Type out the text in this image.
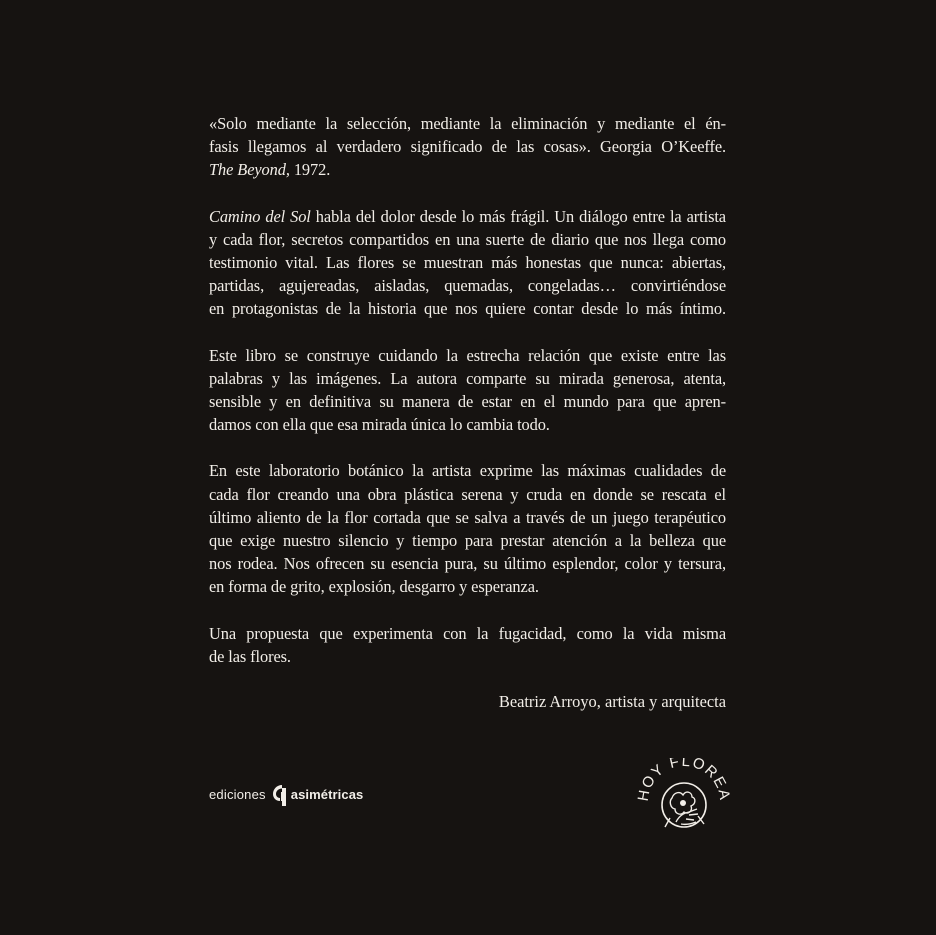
«Solo mediante la selección, mediante la eliminación y mediante el én-
fasis llegamos al verdadero significado de las cosas». Georgia O’Keeffe.
The Beyond, 1972.

Camino del Sol habla del dolor desde lo más frágil. Un diálogo entre la artista
y cada flor, secretos compartidos en una suerte de diario que nos llega como
testimonio vital. Las flores se muestran más honestas que nunca: abiertas,
partidas, agujereadas, aisladas, quemadas, congeladas… convirtiéndose
en protagonistas de la historia que nos quiere contar desde lo más íntimo.

Este libro se construye cuidando la estrecha relación que existe entre las
palabras y las imágenes. La autora comparte su mirada generosa, atenta,
sensible y en definitiva su manera de estar en el mundo para que apren-
damos con ella que esa mirada única lo cambia todo.

En este laboratorio botánico la artista exprime las máximas cualidades de
cada flor creando una obra plástica serena y cruda en donde se rescata el
último aliento de la flor cortada que se salva a través de un juego terapéutico
que exige nuestro silencio y tiempo para prestar atención a la belleza que
nos rodea. Nos ofrecen su esencia pura, su último esplendor, color y tersura,
en forma de grito, explosión, desgarro y esperanza.

Una propuesta que experimenta con la fugacidad, como la vida misma
de las flores.

Beatriz Arroyo, artista y arquitecta
ediciones asimétricas	HOY FLOREA
